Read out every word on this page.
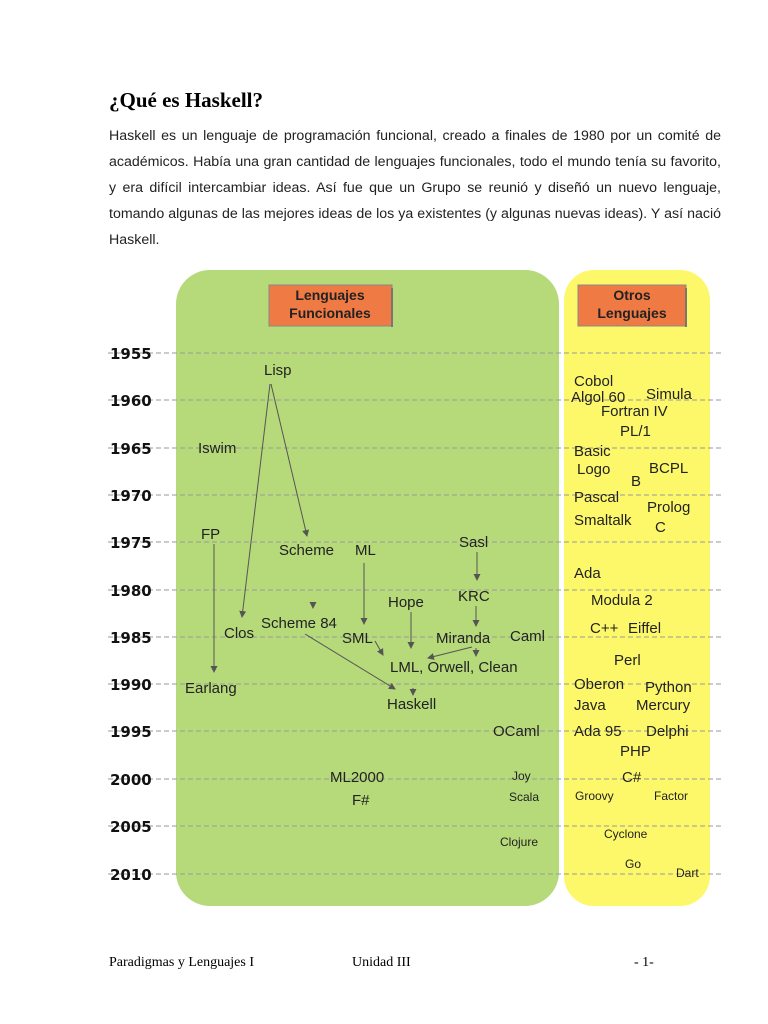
¿Qué es Haskell?

Haskell es un lenguaje de programación funcional, creado a finales de 1980 por un comité de académicos. Había una gran cantidad de lenguajes funcionales, todo el mundo tenía su favorito, y era difícil intercambiar ideas. Así fue que un Grupo se reunió y diseñó un nuevo lenguaje, tomando algunas de las mejores ideas de los ya existentes (y algunas nuevas ideas). Y así nació Haskell.

Lenguajes
Funcionales
Otros
Lenguajes
1955
1960
1965
1970
1975
1980
1985
1990
1995
2000
2005
2010
Lisp
Iswim
FP
Scheme ML	Sasl
Hope KRC
Scheme 84
Clos	SML	Miranda Caml
LML, Orwell, Clean
Earlang
Haskell
OCaml
ML2000
F#
Joy
Scala
Clojure
Cobol
Algol 60 Simula
Fortran IV
PL/1
Basic
Logo	BCPL
B
Pascal
Prolog
Smaltalk C
Ada
Modula 2
C++ Eiffel
Perl
Oberon Python
Java Mercury
Ada 95 Delphi
PHP
C#
Groovy	Factor
Cyclone
Go
Dart
Paradigmas y Lenguajes I	Unidad III	- 1-
